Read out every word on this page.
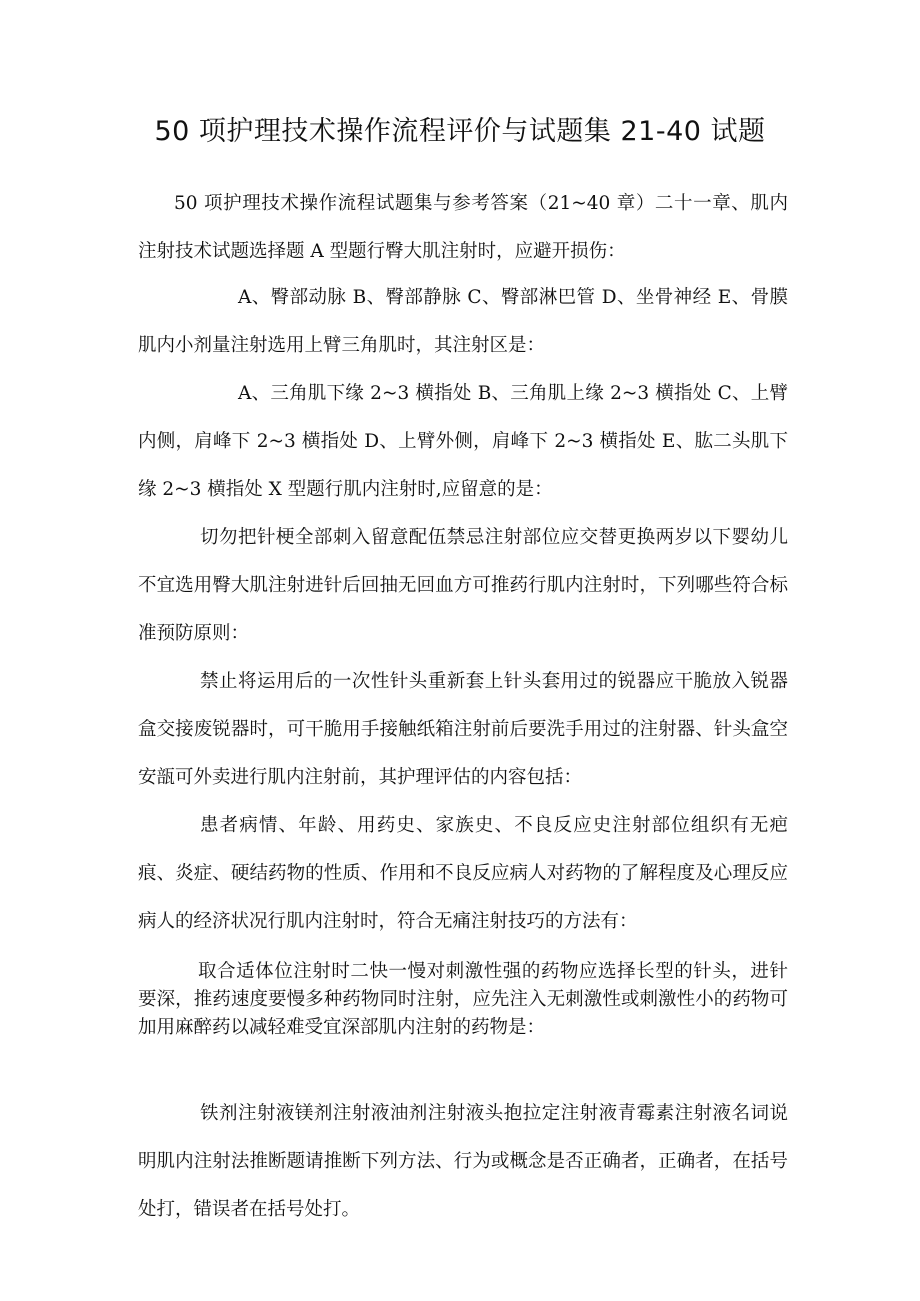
50 项护理技术操作流程评价与试题集 21-40 试题

50 项护理技术操作流程试题集与参考答案（21~40 章）二十一章、肌内注射技术试题选择题 A 型题行臀大肌注射时，应避开损伤：

A、臀部动脉 B、臀部静脉 C、臀部淋巴管 D、坐骨神经 E、骨膜肌内小剂量注射选用上臂三角肌时，其注射区是：

A、三角肌下缘 2~3 横指处 B、三角肌上缘 2~3 横指处 C、上臂内侧，肩峰下 2~3 横指处 D、上臂外侧，肩峰下 2~3 横指处 E、肱二头肌下缘 2~3 横指处 X 型题行肌内注射时,应留意的是：

切勿把针梗全部刺入留意配伍禁忌注射部位应交替更换两岁以下婴幼儿不宜选用臀大肌注射进针后回抽无回血方可推药行肌内注射时，下列哪些符合标准预防原则：

禁止将运用后的一次性针头重新套上针头套用过的锐器应干脆放入锐器盒交接废锐器时，可干脆用手接触纸箱注射前后要洗手用过的注射器、针头盒空安瓿可外卖进行肌内注射前，其护理评估的内容包括：

患者病情、年龄、用药史、家族史、不良反应史注射部位组织有无疤痕、炎症、硬结药物的性质、作用和不良反应病人对药物的了解程度及心理反应病人的经济状况行肌内注射时，符合无痛注射技巧的方法有：

取合适体位注射时二快一慢对刺激性强的药物应选择长型的针头，进针要深，推药速度要慢多种药物同时注射，应先注入无刺激性或刺激性小的药物可加用麻醉药以减轻难受宜深部肌内注射的药物是：

铁剂注射液镁剂注射液油剂注射液头抱拉定注射液青霉素注射液名词说明肌内注射法推断题请推断下列方法、行为或概念是否正确者，正确者，在括号处打，错误者在括号处打。
